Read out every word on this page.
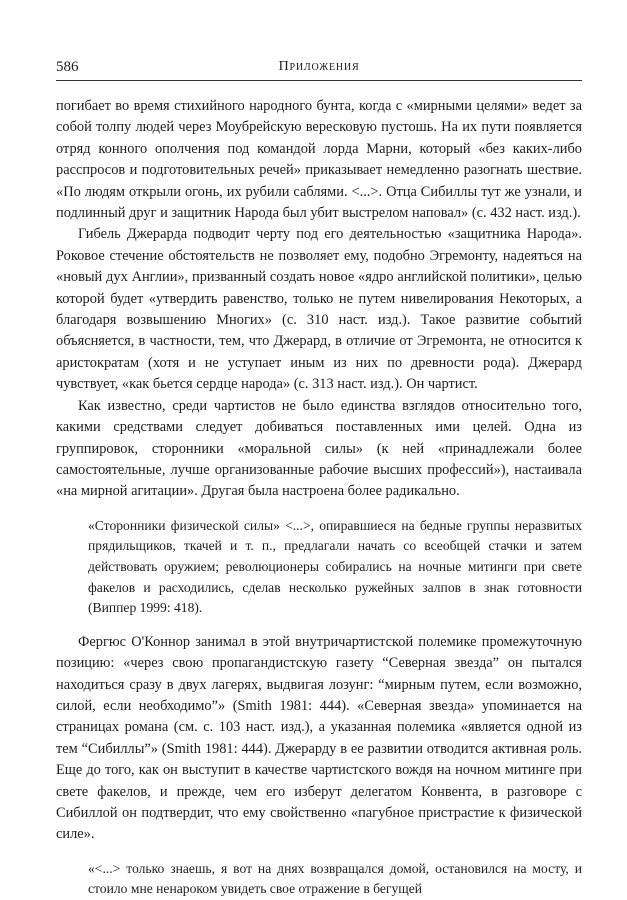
586	Приложения

погибает во время стихийного народного бунта, когда с «мирными целями» ведет за собой толпу людей через Моубрейскую вересковую пустошь. На их пути появляется отряд конного ополчения под командой лорда Марни, который «без каких-либо расспросов и подготовительных речей» приказывает немедленно разогнать шествие. «По людям открыли огонь, их рубили саблями. <...>. Отца Сибиллы тут же узнали, и подлинный друг и защитник Народа был убит выстрелом наповал» (с. 432 наст. изд.).

Гибель Джерарда подводит черту под его деятельностью «защитника Народа». Роковое стечение обстоятельств не позволяет ему, подобно Эгремонту, надеяться на «новый дух Англии», призванный создать новое «ядро английской политики», целью которой будет «утвердить равенство, только не путем нивелирования Некоторых, а благодаря возвышению Многих» (с. 310 наст. изд.). Такое развитие событий объясняется, в частности, тем, что Джерард, в отличие от Эгремонта, не относится к аристократам (хотя и не уступает иным из них по древности рода). Джерард чувствует, «как бьется сердце народа» (с. 313 наст. изд.). Он чартист.

Как известно, среди чартистов не было единства взглядов относительно того, какими средствами следует добиваться поставленных ими целей. Одна из группировок, сторонники «моральной силы» (к ней «принадлежали более самостоятельные, лучше организованные рабочие высших профессий»), настаивала «на мирной агитации». Другая была настроена более радикально.

«Сторонники физической силы» <...>, опиравшиеся на бедные группы неразвитых прядильщиков, ткачей и т. п., предлагали начать со всеобщей стачки и затем действовать оружием; революционеры собирались на ночные митинги при свете факелов и расходились, сделав несколько ружейных залпов в знак готовности (Виппер 1999: 418).

Фергюс О'Коннор занимал в этой внутричартистской полемике промежуточную позицию: «через свою пропагандистскую газету “Северная звезда” он пытался находиться сразу в двух лагерях, выдвигая лозунг: “мирным путем, если возможно, силой, если необходимо”» (Smith 1981: 444). «Северная звезда» упоминается на страницах романа (см. с. 103 наст. изд.), а указанная полемика «является одной из тем “Сибиллы”» (Smith 1981: 444). Джерарду в ее развитии отводится активная роль. Еще до того, как он выступит в качестве чартистского вождя на ночном митинге при свете факелов, и прежде, чем его изберут делегатом Конвента, в разговоре с Сибиллой он подтвердит, что ему свойственно «пагубное пристрастие к физической силе».

«<...> только знаешь, я вот на днях возвращался домой, остановился на мосту, и стоило мне ненароком увидеть свое отражение в бегущей
